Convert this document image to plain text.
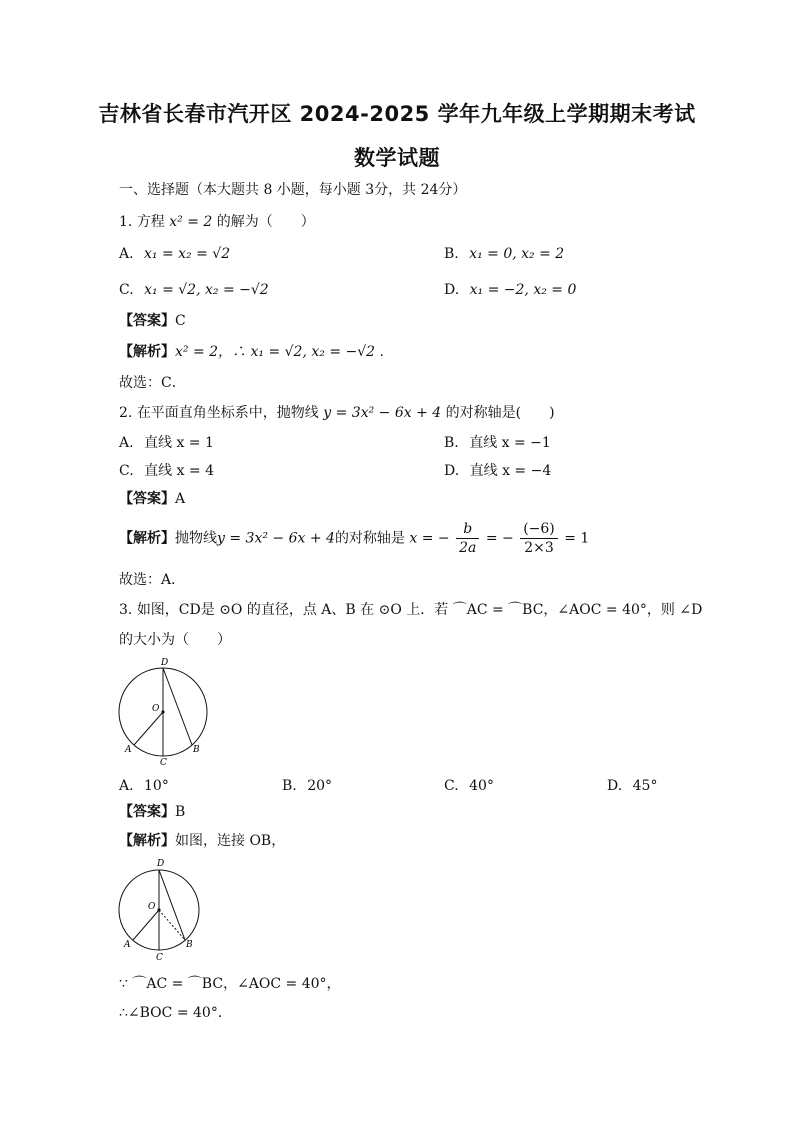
吉林省长春市汽开区 2024-2025 学年九年级上学期期末考试
数学试题
一、选择题（本大题共 8 小题，每小题 3分，共 24分）
1. 方程 x² = 2 的解为（　　）
A. x₁ = x₂ = √2	B. x₁ = 0, x₂ = 2
C. x₁ = √2, x₂ = −√2	D. x₁ = −2, x₂ = 0
【答案】C
【解析】x² = 2，∴ x₁ = √2, x₂ = −√2 .
故选：C．
2. 在平面直角坐标系中，抛物线 y = 3x² − 6x + 4 的对称轴是(　　)
A. 直线 x = 1	B. 直线 x = −1
C. 直线 x = 4	D. 直线 x = −4
【答案】A
【解析】抛物线y = 3x² − 6x + 4的对称轴是 x = − $\frac{b}{2a}$ = − $\frac{(-6)}{2\times 3} = 1$
故选：A．
3. 如图，CD是 ⊙O 的直径，点 A、B 在 ⊙O 上．若 ⌒AC = ⌒BC，∠AOC = 40°，则 ∠D
的大小为（　　）
D
O
A	B
C
A. 10°	B. 20°	C. 40°	D. 45°
【答案】B
【解析】如图，连接 OB，
D
O
A	B
C
∵ ⌒AC = ⌒BC，∠AOC = 40°，
∴∠BOC = 40°．
